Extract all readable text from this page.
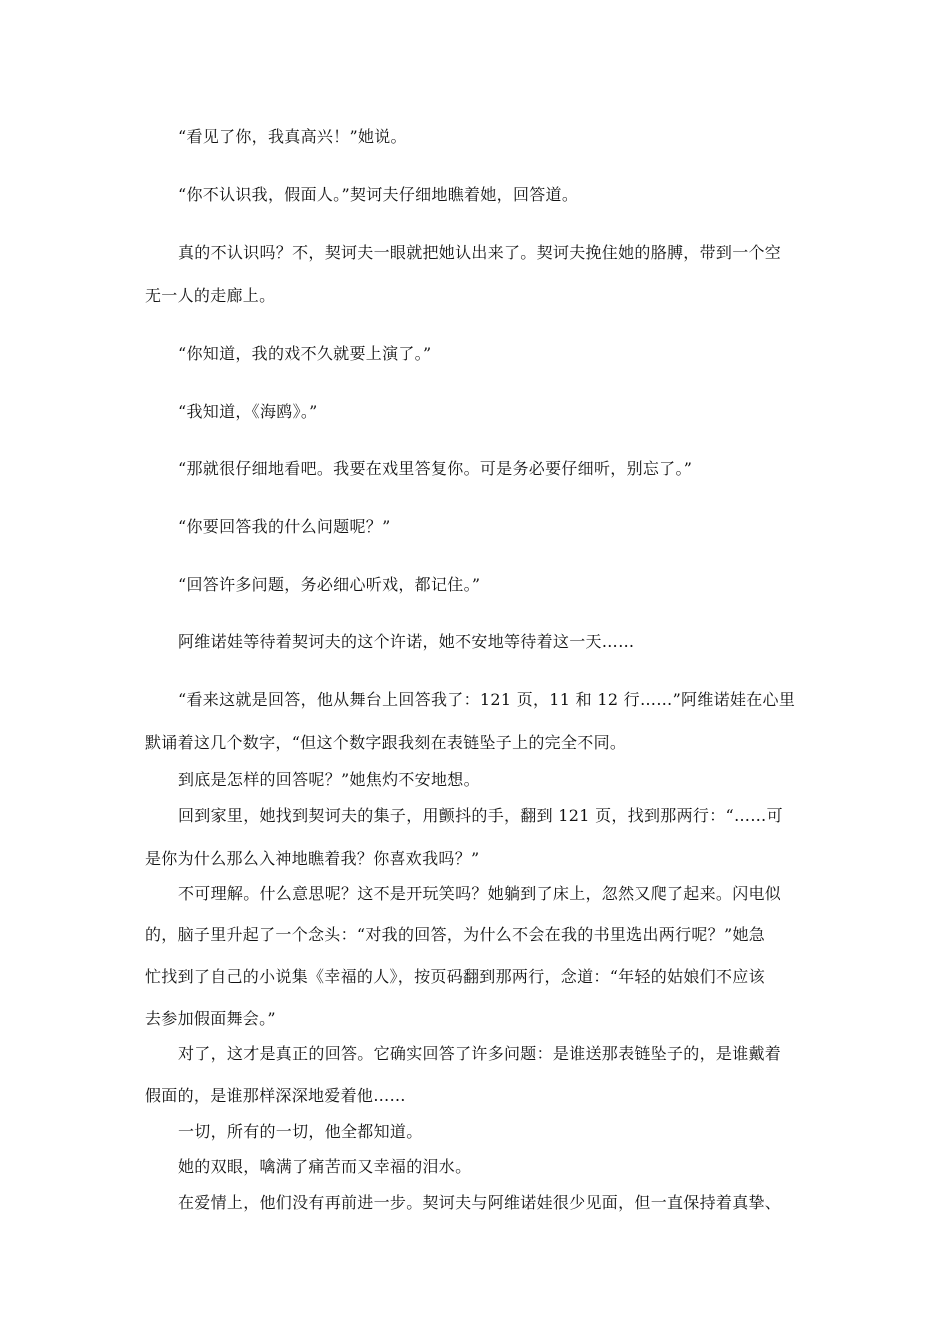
“看见了你，我真高兴！”她说。
“你不认识我，假面人。”契诃夫仔细地瞧着她，回答道。
真的不认识吗？不，契诃夫一眼就把她认出来了。契诃夫挽住她的胳膊，带到一个空
无一人的走廊上。
“你知道，我的戏不久就要上演了。”
“我知道，《海鸥》。”
“那就很仔细地看吧。我要在戏里答复你。可是务必要仔细听，别忘了。”
“你要回答我的什么问题呢？”
“回答许多问题，务必细心听戏，都记住。”
阿维诺娃等待着契诃夫的这个许诺，她不安地等待着这一天……
“看来这就是回答，他从舞台上回答我了：121 页，11 和 12 行……”阿维诺娃在心里
默诵着这几个数字，“但这个数字跟我刻在表链坠子上的完全不同。
到底是怎样的回答呢？”她焦灼不安地想。
回到家里，她找到契诃夫的集子，用颤抖的手，翻到 121 页，找到那两行：“……可
是你为什么那么入神地瞧着我？你喜欢我吗？”
不可理解。什么意思呢？这不是开玩笑吗？她躺到了床上，忽然又爬了起来。闪电似
的，脑子里升起了一个念头：“对我的回答，为什么不会在我的书里选出两行呢？”她急
忙找到了自己的小说集《幸福的人》，按页码翻到那两行，念道：“年轻的姑娘们不应该
去参加假面舞会。”
对了，这才是真正的回答。它确实回答了许多问题：是谁送那表链坠子的，是谁戴着
假面的，是谁那样深深地爱着他……
一切，所有的一切，他全都知道。
她的双眼，噙满了痛苦而又幸福的泪水。
在爱情上，他们没有再前进一步。契诃夫与阿维诺娃很少见面，但一直保持着真挚、
